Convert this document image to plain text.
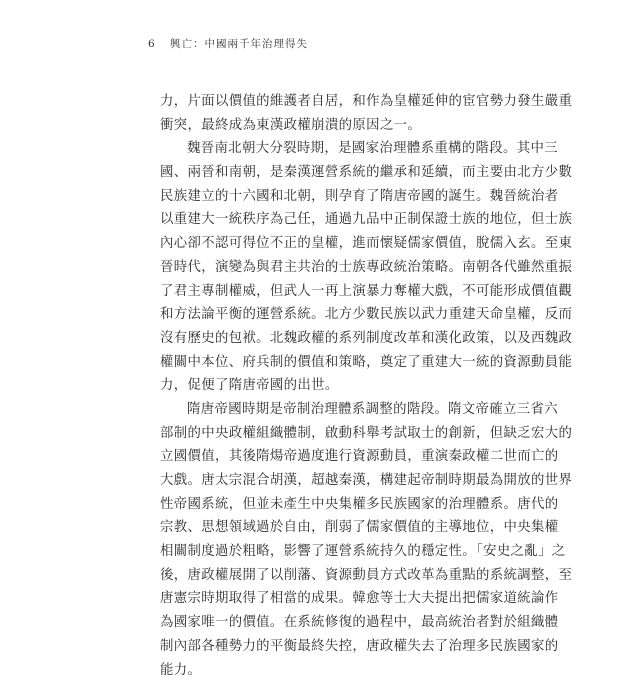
6 興亡：中國兩千年治理得失
力，片面以價值的維護者自居，和作為皇權延伸的宦官勢力發生嚴重
衝突，最終成為東漢政權崩潰的原因之一。
魏晉南北朝大分裂時期，是國家治理體系重構的階段。其中三
國、兩晉和南朝，是秦漢運營系統的繼承和延續，而主要由北方少數
民族建立的十六國和北朝，則孕育了隋唐帝國的誕生。魏晉統治者
以重建大一統秩序為己任，通過九品中正制保證士族的地位，但士族
內心卻不認可得位不正的皇權，進而懷疑儒家價值，脫儒入玄。至東
晉時代，演變為與君主共治的士族專政統治策略。南朝各代雖然重振
了君主專制權威，但武人一再上演暴力奪權大戲，不可能形成價值觀
和方法論平衡的運營系統。北方少數民族以武力重建天命皇權，反而
沒有歷史的包袱。北魏政權的系列制度改革和漢化政策，以及西魏政
權關中本位、府兵制的價值和策略，奠定了重建大一統的資源動員能
力，促便了隋唐帝國的出世。
隋唐帝國時期是帝制治理體系調整的階段。隋文帝確立三省六
部制的中央政權組織體制，啟動科舉考試取士的創新，但缺乏宏大的
立國價值，其後隋煬帝過度進行資源動員，重演秦政權二世而亡的
大戲。唐太宗混合胡漢，超越秦漢，構建起帝制時期最為開放的世界
性帝國系統，但並未產生中央集權多民族國家的治理體系。唐代的
宗教、思想領域過於自由，削弱了儒家價值的主導地位，中央集權
相關制度過於粗略，影響了運營系統持久的穩定性。「安史之亂」之
後，唐政權展開了以削藩、資源動員方式改革為重點的系統調整，至
唐憲宗時期取得了相當的成果。韓愈等士大夫提出把儒家道統論作
為國家唯一的價值。在系統修復的過程中，最高統治者對於組織體
制內部各種勢力的平衡最終失控，唐政權失去了治理多民族國家的
能力。
